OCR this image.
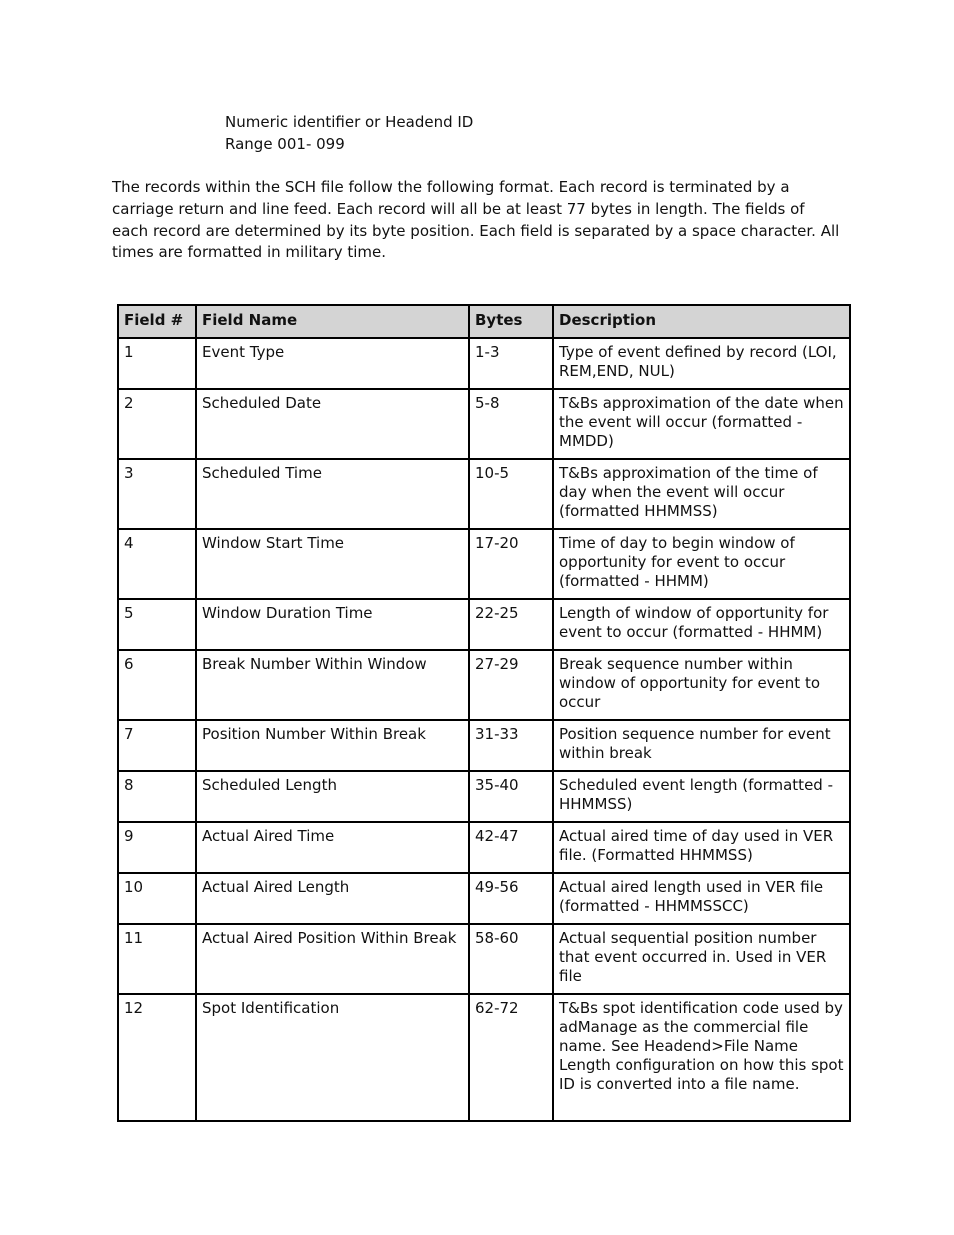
Numeric identifier or Headend ID
Range 001- 099
The records within the SCH file follow the following format. Each record is terminated by a carriage return and line feed. Each record will all be at least 77 bytes in length. The fields of each record are determined by its byte position. Each field is separated by a space character. All times are formatted in military time.
Field #	Field Name	Bytes	Description
1	Event Type	1-3	Type of event defined by record (LOI, REM,END, NUL)
2	Scheduled Date	5-8	T&Bs approximation of the date when the event will occur (formatted - MMDD)
3	Scheduled Time	10-5	T&Bs approximation of the time of day when the event will occur (formatted HHMMSS)
4	Window Start Time	17-20	Time of day to begin window of opportunity for event to occur (formatted - HHMM)
5	Window Duration Time	22-25	Length of window of opportunity for event to occur (formatted - HHMM)
6	Break Number Within Window	27-29	Break sequence number within window of opportunity for event to occur
7	Position Number Within Break	31-33	Position sequence number for event within break
8	Scheduled Length	35-40	Scheduled event length (formatted - HHMMSS)
9	Actual Aired Time	42-47	Actual aired time of day used in VER file. (Formatted HHMMSS)
10	Actual Aired Length	49-56	Actual aired length used in VER file (formatted - HHMMSSCC)
11	Actual Aired Position Within Break	58-60	Actual sequential position number that event occurred in. Used in VER file
12	Spot Identification	62-72	T&Bs spot identification code used by adManage as the commercial file name. See Headend>File Name Length configuration on how this spot ID is converted into a file name.
